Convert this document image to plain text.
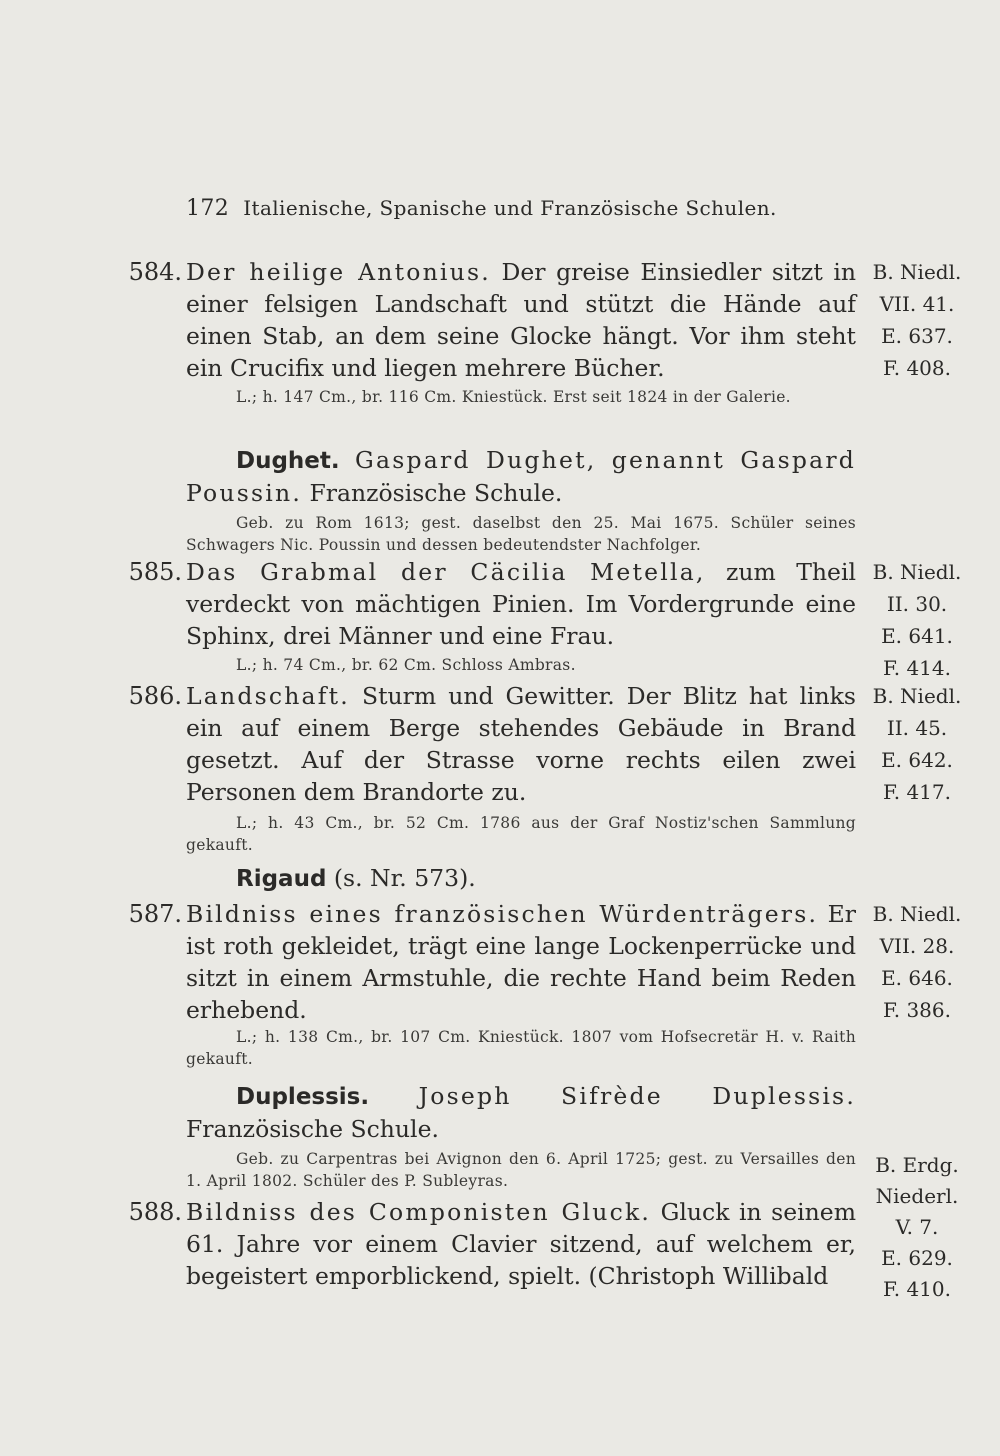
172 Italienische, Spanische und Französische Schulen.
584. Der heilige Antonius. Der greise Einsiedler sitzt in einer felsigen Landschaft und stützt die Hände auf einen Stab, an dem seine Glocke hängt. Vor ihm steht ein Crucifix und liegen mehrere Bücher.
B. Niedl.
VII. 41.
E. 637.
F. 408.
L.; h. 147 Cm., br. 116 Cm. Kniestück. Erst seit 1824 in der Galerie.
Dughet. Gaspard Dughet, genannt Gaspard Poussin. Französische Schule.
Geb. zu Rom 1613; gest. daselbst den 25. Mai 1675. Schüler seines Schwagers Nic. Poussin und dessen bedeutendster Nachfolger.
585. Das Grabmal der Cäcilia Metella, zum Theil verdeckt von mächtigen Pinien. Im Vordergrunde eine Sphinx, drei Männer und eine Frau.
B. Niedl.
II. 30.
E. 641.
F. 414.
L.; h. 74 Cm., br. 62 Cm. Schloss Ambras.
586. Landschaft. Sturm und Gewitter. Der Blitz hat links ein auf einem Berge stehendes Gebäude in Brand gesetzt. Auf der Strasse vorne rechts eilen zwei Personen dem Brandorte zu.
B. Niedl.
II. 45.
E. 642.
F. 417.
L.; h. 43 Cm., br. 52 Cm. 1786 aus der Graf Nostiz'schen Sammlung gekauft.
Rigaud (s. Nr. 573).
587. Bildniss eines französischen Würdenträgers. Er ist roth gekleidet, trägt eine lange Lockenperrücke und sitzt in einem Armstuhle, die rechte Hand beim Reden erhebend.
B. Niedl.
VII. 28.
E. 646.
F. 386.
L.; h. 138 Cm., br. 107 Cm. Kniestück. 1807 vom Hofsecretär H. v. Raith gekauft.
Duplessis. Joseph Sifrède Duplessis. Französische Schule.
Geb. zu Carpentras bei Avignon den 6. April 1725; gest. zu Versailles den 1. April 1802. Schüler des P. Subleyras.
588. Bildniss des Componisten Gluck. Gluck in seinem 61. Jahre vor einem Clavier sitzend, auf welchem er, begeistert emporblickend, spielt. (Christoph Willibald
B. Erdg.
Niederl.
V. 7.
E. 629.
F. 410.
